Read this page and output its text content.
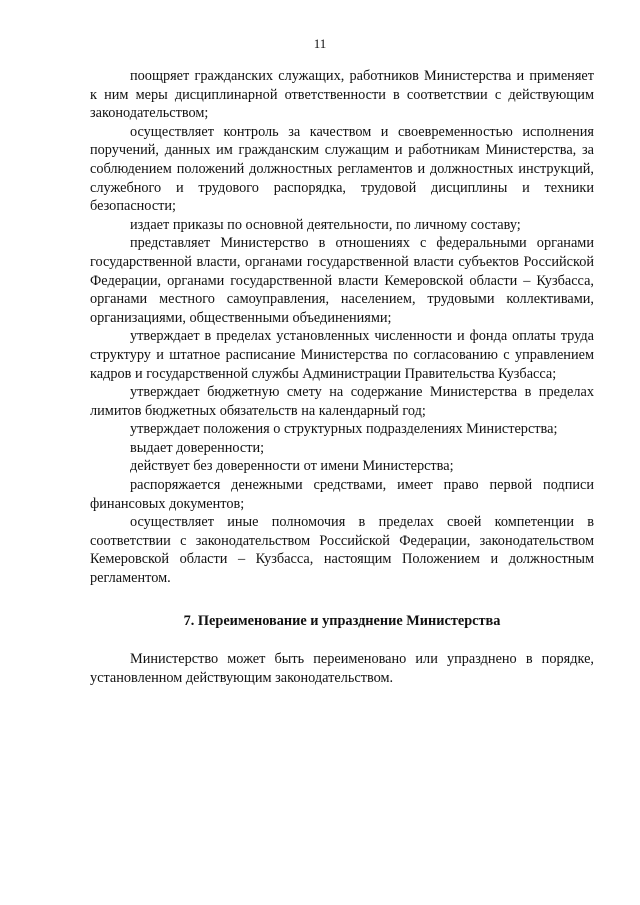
11

поощряет гражданских служащих, работников Министерства и применяет к ним меры дисциплинарной ответственности в соответствии с действующим законодательством;

осуществляет контроль за качеством и своевременностью исполнения поручений, данных им гражданским служащим и работникам Министерства, за соблюдением положений должностных регламентов и должностных инструкций, служебного и трудового распорядка, трудовой дисциплины и техники безопасности;

издает приказы по основной деятельности, по личному составу;

представляет Министерство в отношениях с федеральными органами государственной власти, органами государственной власти субъектов Российской Федерации, органами государственной власти Кемеровской области – Кузбасса, органами местного самоуправления, населением, трудовыми коллективами, организациями, общественными объединениями;

утверждает в пределах установленных численности и фонда оплаты труда структуру и штатное расписание Министерства по согласованию с управлением кадров и государственной службы Администрации Правительства Кузбасса;

утверждает бюджетную смету на содержание Министерства в пределах лимитов бюджетных обязательств на календарный год;

утверждает положения о структурных подразделениях Министерства;

выдает доверенности;

действует без доверенности от имени Министерства;

распоряжается денежными средствами, имеет право первой подписи финансовых документов;

осуществляет иные полномочия в пределах своей компетенции в соответствии с законодательством Российской Федерации, законодательством Кемеровской области – Кузбасса, настоящим Положением и должностным регламентом.

7. Переименование и упразднение Министерства

Министерство может быть переименовано или упразднено в порядке, установленном действующим законодательством.
